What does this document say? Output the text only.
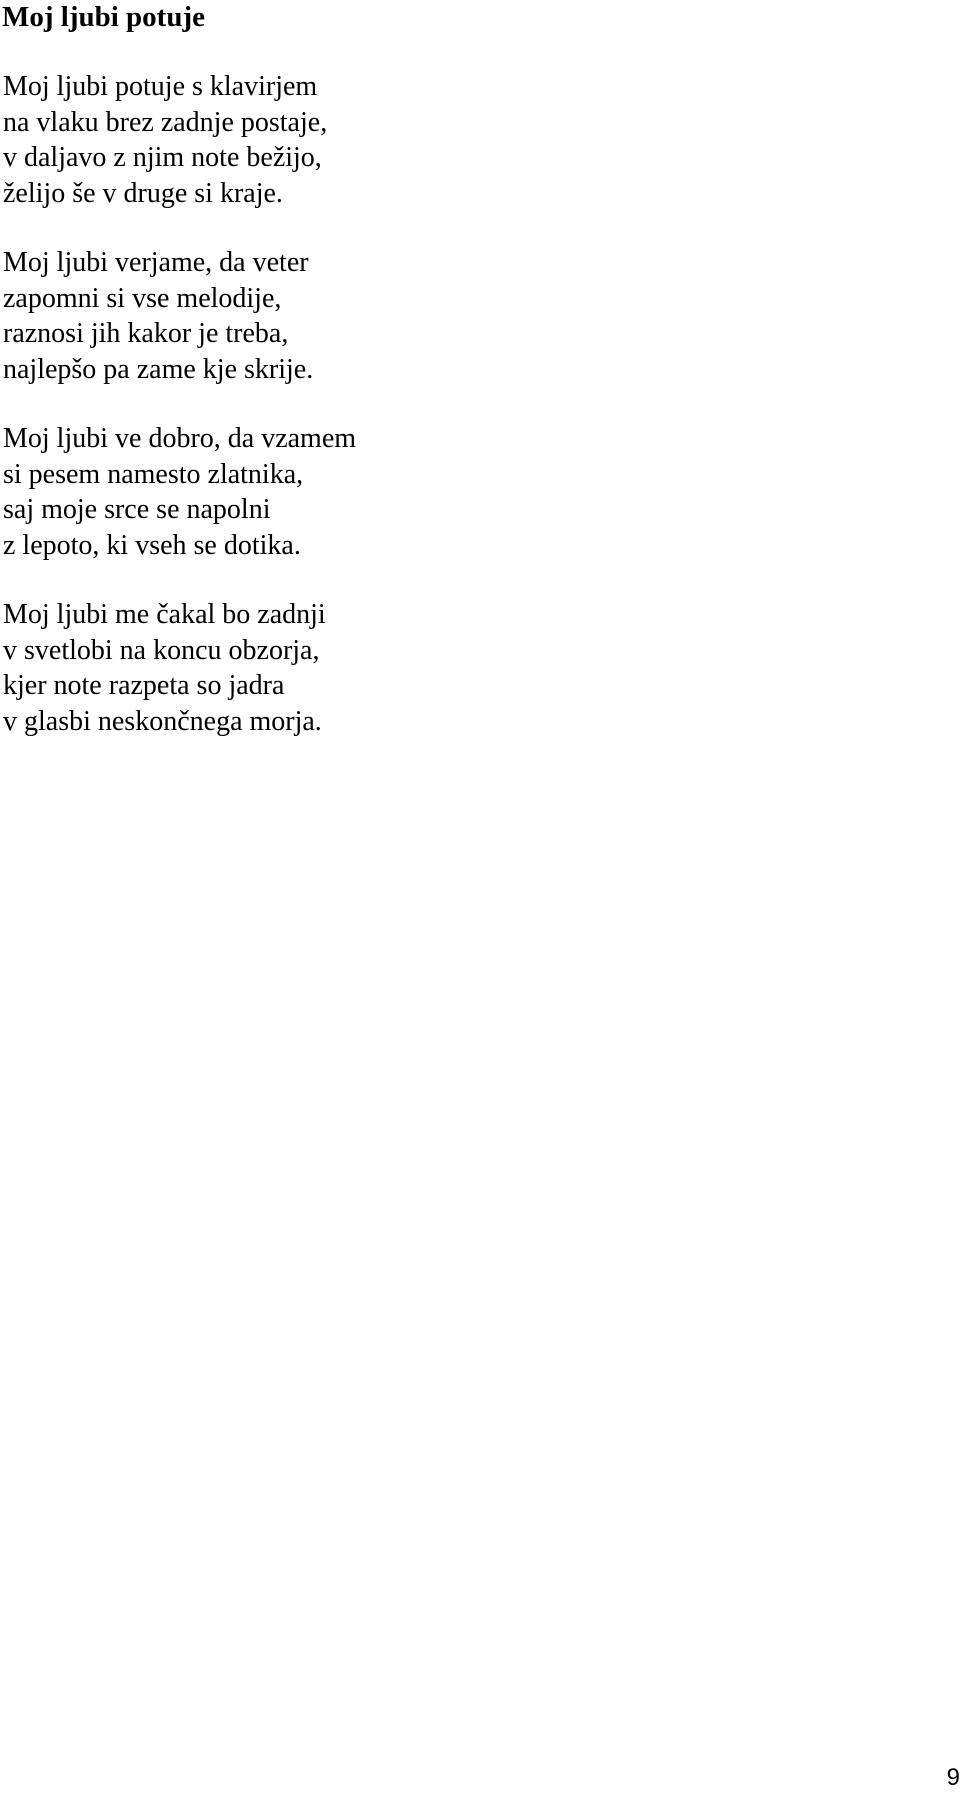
Moj ljubi potuje
Moj ljubi potuje s klavirjem
na vlaku brez zadnje postaje,
v daljavo z njim note bežijo,
želijo še v druge si kraje.
Moj ljubi verjame, da veter
zapomni si vse melodije,
raznosi jih kakor je treba,
najlepšo pa zame kje skrije.
Moj ljubi ve dobro, da vzamem
si pesem namesto zlatnika,
saj moje srce se napolni
z lepoto, ki vseh se dotika.
Moj ljubi me čakal bo zadnji
v svetlobi na koncu obzorja,
kjer note razpeta so jadra
v glasbi neskončnega morja.
9
